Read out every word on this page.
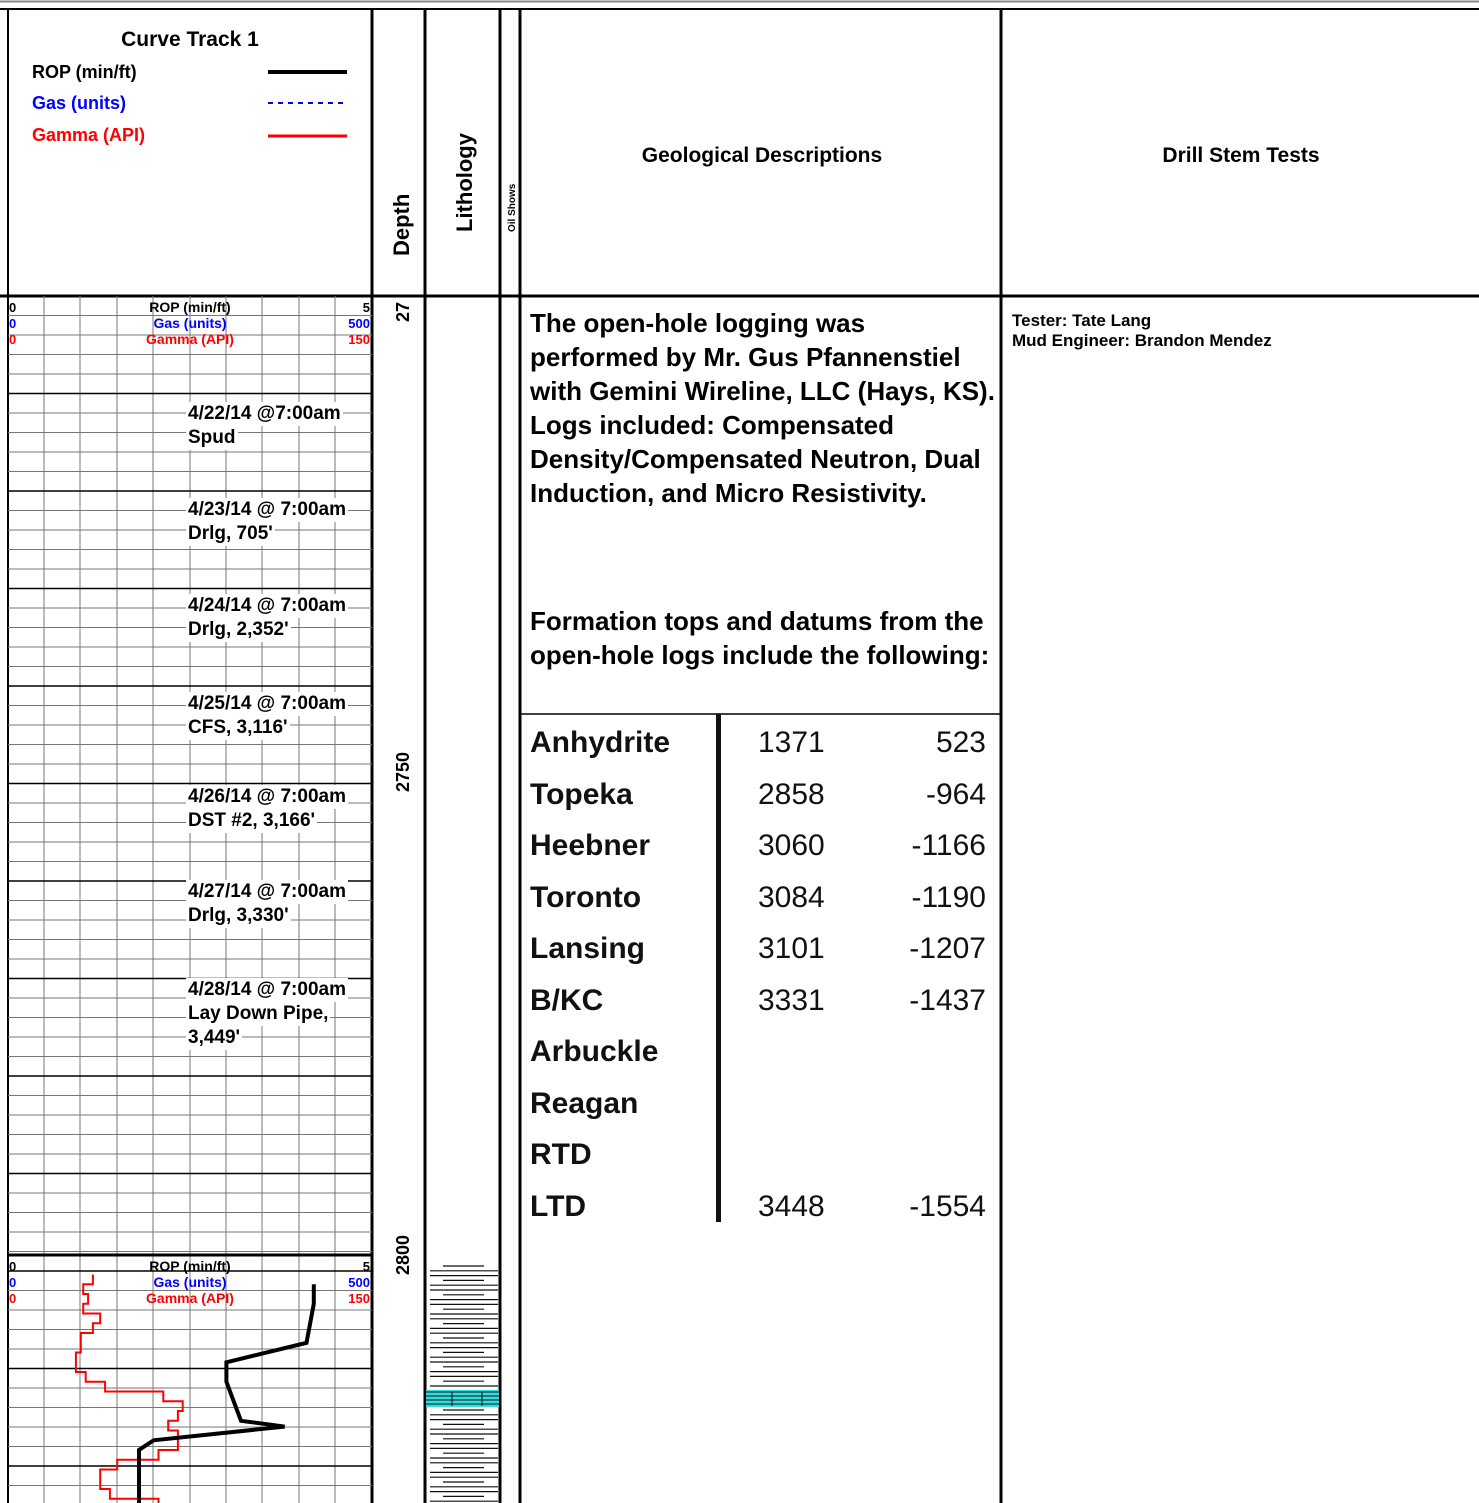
Curve Track 1
ROP (min/ft)
Gas (units)
Gamma (API)
Depth Lithology	Oil Shows
Geological Descriptions	Drill Stem Tests
0	ROP (min/ft)	5
0	Gas (units)	500
0	Gamma (API)	150
0	ROP (min/ft)	5
0	Gas (units)	500
0	Gamma (API)	150
27
2750
2800
4/22/14 @7:00am
Spud
4/23/14 @ 7:00am
Drlg, 705'
4/24/14 @ 7:00am
Drlg, 2,352'
4/25/14 @ 7:00am
CFS, 3,116'
4/26/14 @ 7:00am
DST #2, 3,166'
4/27/14 @ 7:00am
Drlg, 3,330'
4/28/14 @ 7:00am
Lay Down Pipe,
3,449'

The open-hole logging was performed by Mr. Gus Pfannenstiel with Gemini Wireline, LLC (Hays, KS). Logs included: Compensated Density/Compensated Neutron, Dual Induction, and Micro Resistivity.

Formation tops and datums from the open-hole logs include the following:

Anhydrite	1371	523
Topeka	2858	-964
Heebner	3060	-1166
Toronto	3084	-1190
Lansing	3101	-1207
B/KC	3331	-1437
Arbuckle
Reagan
RTD
LTD	3448	-1554
Tester: Tate Lang
Mud Engineer: Brandon Mendez
